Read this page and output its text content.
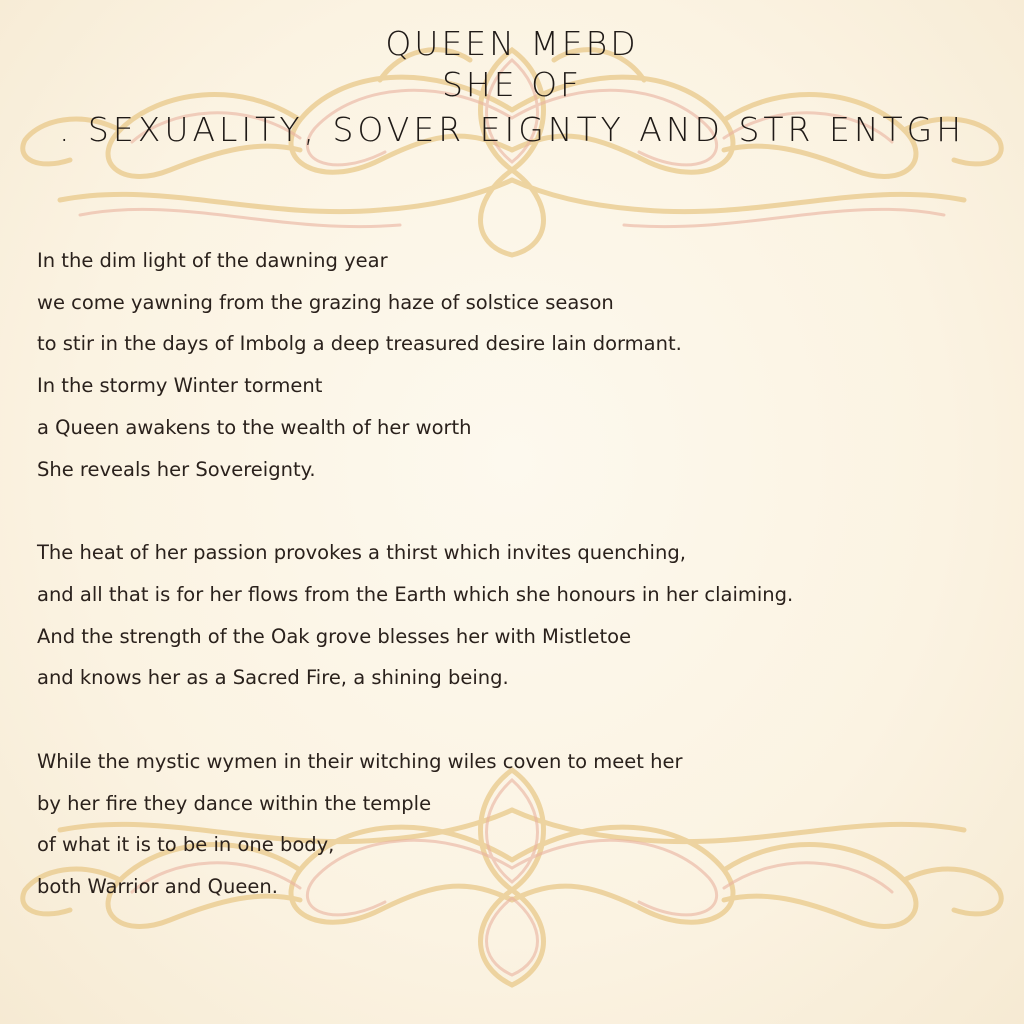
QUEEN MEBD
SHE OF
. SEXUALITY, SOVER EIGNTY AND STR ENTGH
In the dim light of the dawning year
we come yawning from the grazing haze of solstice season
to stir in the days of Imbolg a deep treasured desire lain dormant.
In the stormy Winter torment
a Queen awakens to the wealth of her worth
She reveals her Sovereignty.
The heat of her passion provokes a thirst which invites quenching,
and all that is for her flows from the Earth which she honours in her claiming.
And the strength of the Oak grove blesses her with Mistletoe
and knows her as a Sacred Fire, a shining being.
While the mystic wymen in their witching wiles coven to meet her
by her fire they dance within the temple
of what it is to be in one body,
both Warrior and Queen.
